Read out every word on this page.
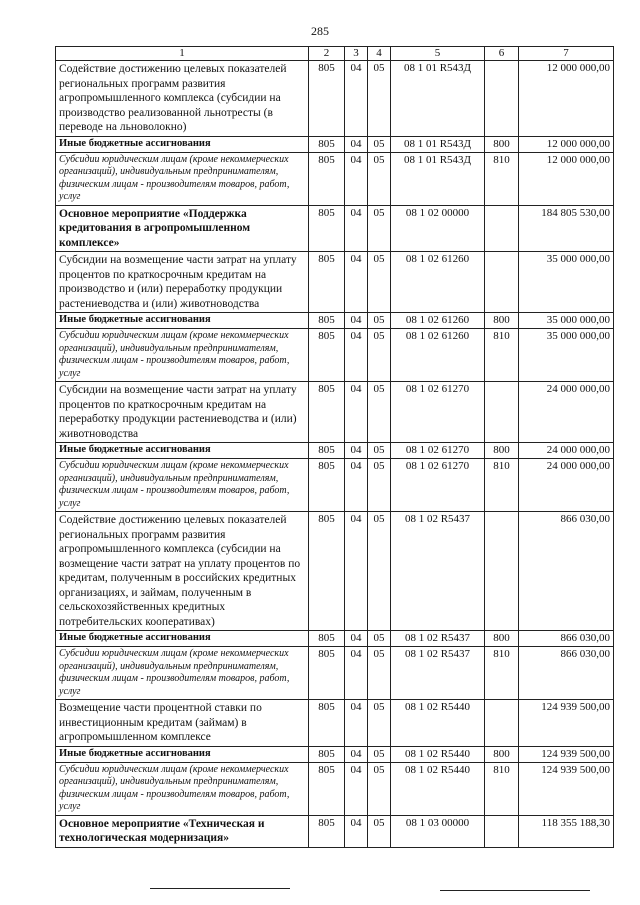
285
1	2	3	4	5	6	7
Содействие достижению целевых показателей региональных программ развития агропромышленного комплекса (субсидии на производство реализованной льнотресты (в переводе на льноволокно)	805	04	05	08 1 01 R543Д		12 000 000,00
Иные бюджетные ассигнования	805	04	05	08 1 01 R543Д	800	12 000 000,00
Субсидии юридическим лицам (кроме некоммерческих организаций), индивидуальным предпринимателям, физическим лицам - производителям товаров, работ, услуг	805	04	05	08 1 01 R543Д	810	12 000 000,00
Основное мероприятие «Поддержка кредитования в агропромышленном комплексе»	805	04	05	08 1 02 00000		184 805 530,00
Субсидии на возмещение части затрат на уплату процентов по краткосрочным кредитам на производство и (или) переработку продукции растениеводства и (или) животноводства	805	04	05	08 1 02 61260		35 000 000,00
Иные бюджетные ассигнования	805	04	05	08 1 02 61260	800	35 000 000,00
Субсидии юридическим лицам (кроме некоммерческих организаций), индивидуальным предпринимателям, физическим лицам - производителям товаров, работ, услуг	805	04	05	08 1 02 61260	810	35 000 000,00
Субсидии на возмещение части затрат на уплату процентов по краткосрочным кредитам на переработку продукции растениеводства и (или) животноводства	805	04	05	08 1 02 61270		24 000 000,00
Иные бюджетные ассигнования	805	04	05	08 1 02 61270	800	24 000 000,00
Субсидии юридическим лицам (кроме некоммерческих организаций), индивидуальным предпринимателям, физическим лицам - производителям товаров, работ, услуг	805	04	05	08 1 02 61270	810	24 000 000,00
Содействие достижению целевых показателей региональных программ развития агропромышленного комплекса (субсидии на возмещение части затрат на уплату процентов по кредитам, полученным в российских кредитных организациях, и займам, полученным в сельскохозяйственных кредитных потребительских кооперативах)	805	04	05	08 1 02 R5437		866 030,00
Иные бюджетные ассигнования	805	04	05	08 1 02 R5437	800	866 030,00
Субсидии юридическим лицам (кроме некоммерческих организаций), индивидуальным предпринимателям, физическим лицам - производителям товаров, работ, услуг	805	04	05	08 1 02 R5437	810	866 030,00
Возмещение части процентной ставки по инвестиционным кредитам (займам) в агропромышленном комплексе	805	04	05	08 1 02 R5440		124 939 500,00
Иные бюджетные ассигнования	805	04	05	08 1 02 R5440	800	124 939 500,00
Субсидии юридическим лицам (кроме некоммерческих организаций), индивидуальным предпринимателям, физическим лицам - производителям товаров, работ, услуг	805	04	05	08 1 02 R5440	810	124 939 500,00
Основное мероприятие «Техническая и технологическая модернизация»	805	04	05	08 1 03 00000		118 355 188,30
